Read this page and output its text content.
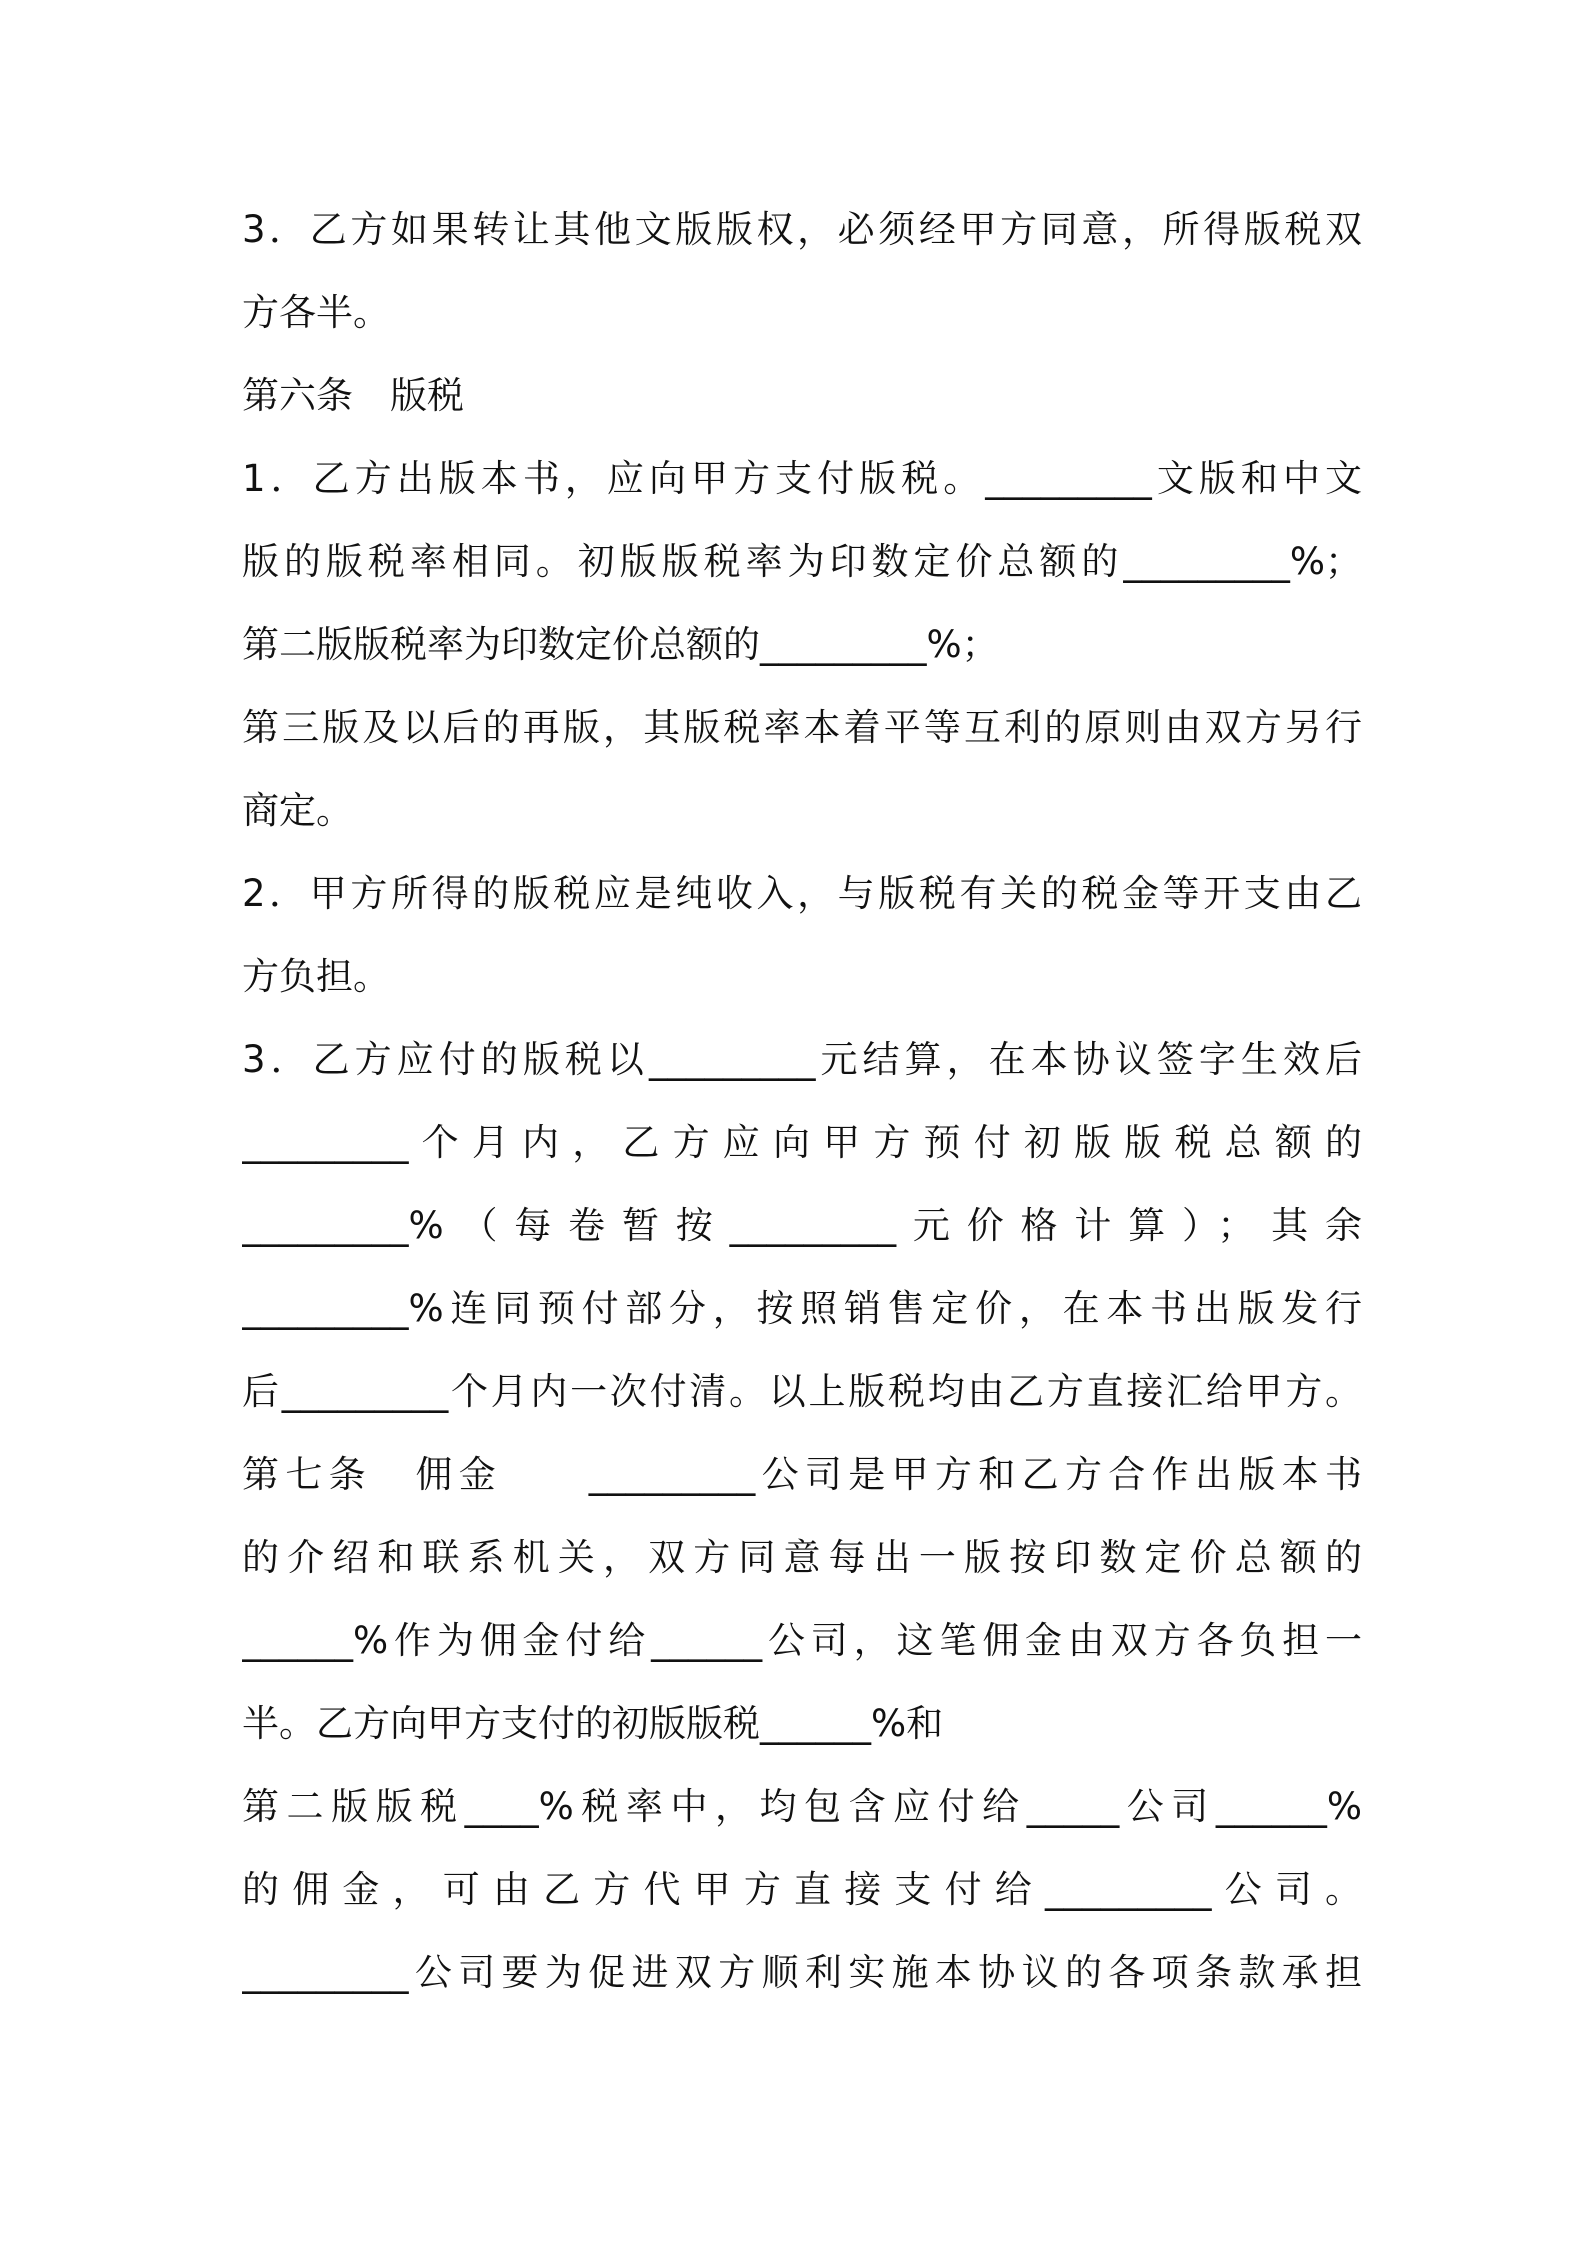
3．乙方如果转让其他文版版权，必须经甲方同意，所得版税双
方各半。
第六条　版税
1．乙方出版本书，应向甲方支付版税。_________文版和中文
版的版税率相同。初版版税率为印数定价总额的_________%；
第二版版税率为印数定价总额的_________%；
第三版及以后的再版，其版税率本着平等互利的原则由双方另行
商定。
2．甲方所得的版税应是纯收入，与版税有关的税金等开支由乙
方负担。
3．乙方应付的版税以_________元结算，在本协议签字生效后
_________个月内，乙方应向甲方预付初版版税总额的
_________%（每卷暂按_________元价格计算）；其余
_________%连同预付部分，按照销售定价，在本书出版发行
后_________个月内一次付清。以上版税均由乙方直接汇给甲方。
第七条　佣金　　_________公司是甲方和乙方合作出版本书
的介绍和联系机关，双方同意每出一版按印数定价总额的
______%作为佣金付给______公司，这笔佣金由双方各负担一
半。乙方向甲方支付的初版版税______%和
第二版版税____%税率中，均包含应付给_____公司______%
的佣金，可由乙方代甲方直接支付给_________公司。
_________公司要为促进双方顺利实施本协议的各项条款承担
